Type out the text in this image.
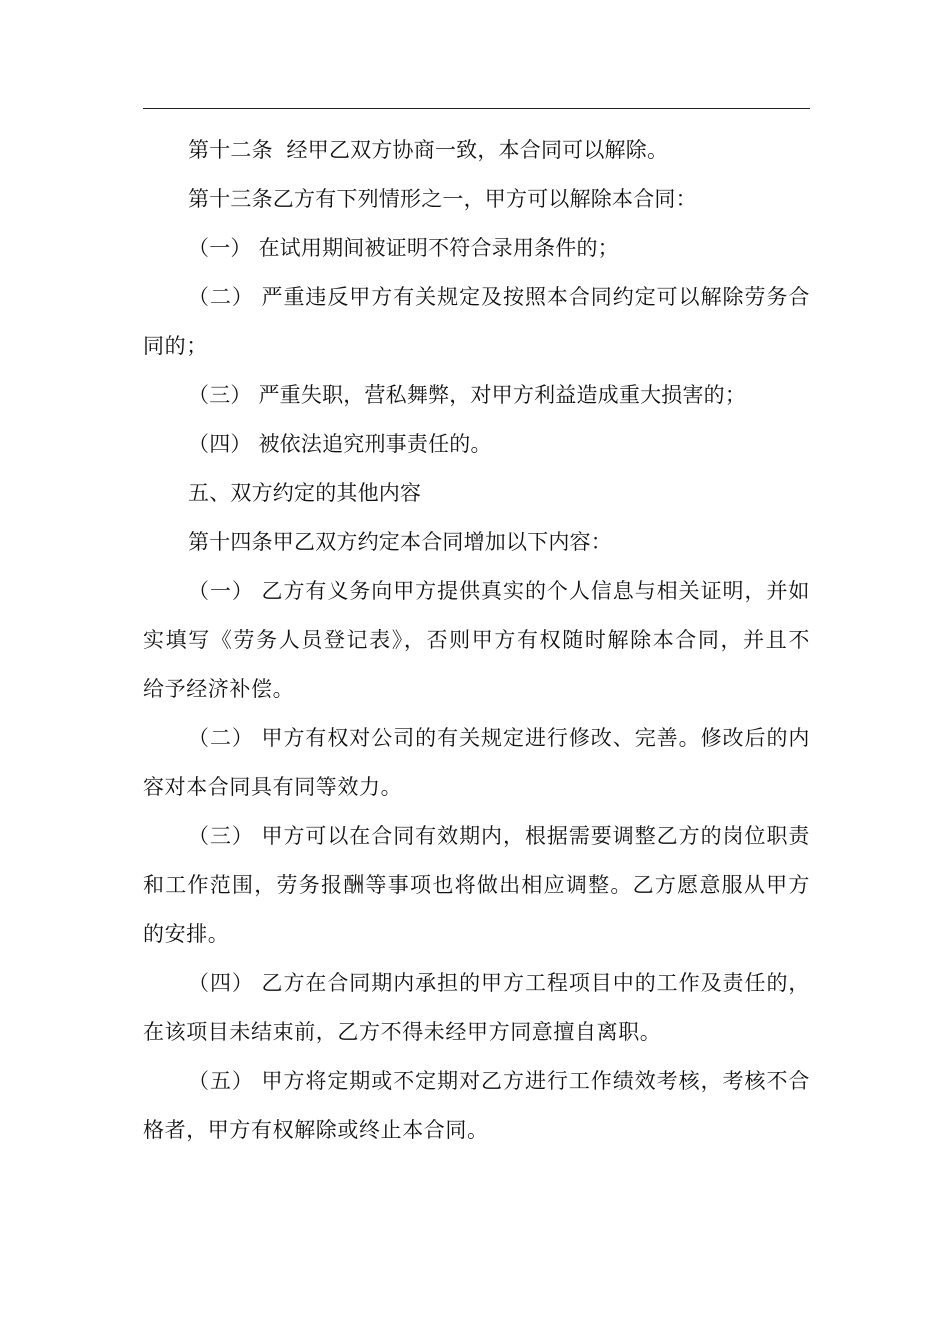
第十二条  经甲乙双方协商一致，本合同可以解除。

第十三条乙方有下列情形之一，甲方可以解除本合同：

（一） 在试用期间被证明不符合录用条件的；

（二） 严重违反甲方有关规定及按照本合同约定可以解除劳务合  同的；

（三） 严重失职，营私舞弊，对甲方利益造成重大损害的；

（四） 被依法追究刑事责任的。

五、双方约定的其他内容

第十四条甲乙双方约定本合同增加以下内容：

（一） 乙方有义务向甲方提供真实的个人信息与相关证明，并如  实填写《劳务人员登记表》，否则甲方有权随时解除本合同，并且不  给予经济补偿。

（二） 甲方有权对公司的有关规定进行修改、完善。修改后的内  容对本合同具有同等效力。

（三） 甲方可以在合同有效期内，根据需要调整乙方的岗位职责  和工作范围，劳务报酬等事项也将做出相应调整。乙方愿意服从甲方  的安排。

（四） 乙方在合同期内承担的甲方工程项目中的工作及责任的，  在该项目未结束前，乙方不得未经甲方同意擅自离职。

（五） 甲方将定期或不定期对乙方进行工作绩效考核，考核不合  格者，甲方有权解除或终止本合同。
